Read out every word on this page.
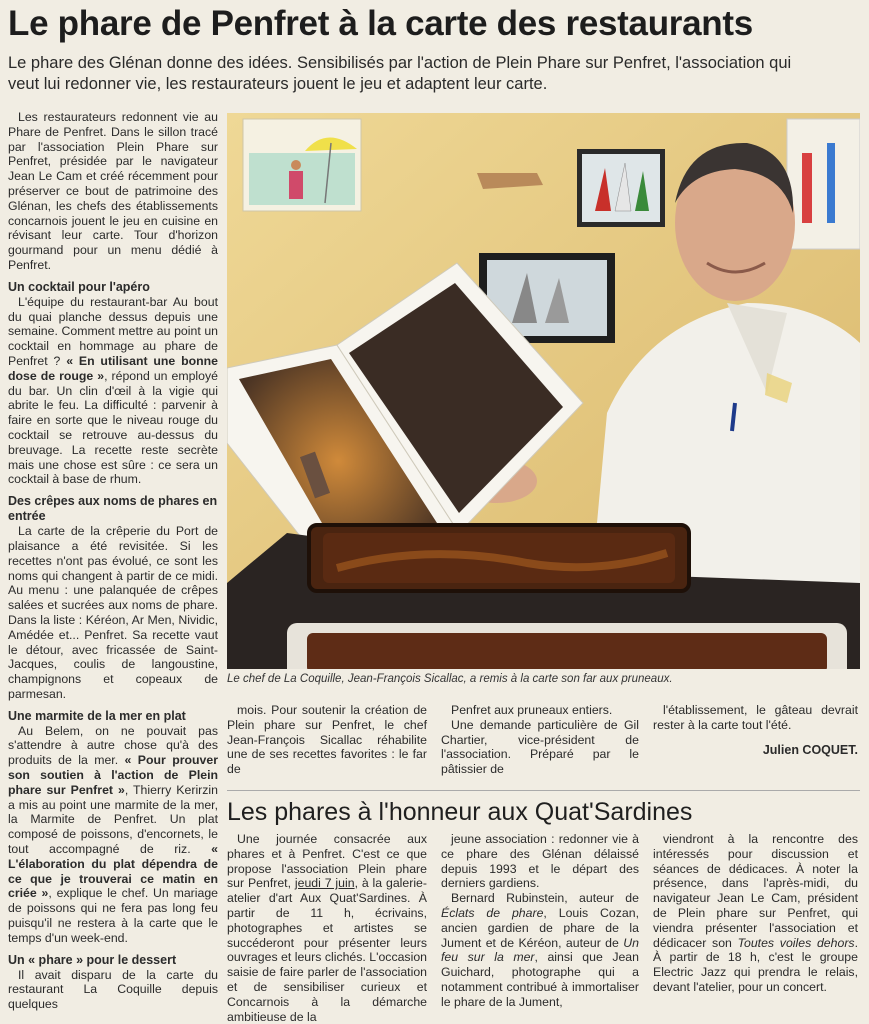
Le phare de Penfret à la carte des restaurants
Le phare des Glénan donne des idées. Sensibilisés par l'action de Plein Phare sur Penfret, l'association qui veut lui redonner vie, les restaurateurs jouent le jeu et adaptent leur carte.

Les restaurateurs redonnent vie au Phare de Penfret. Dans le sillon tracé par l'association Plein Phare sur Penfret, présidée par le navigateur Jean Le Cam et créé récemment pour préserver ce bout de patrimoine des Glénan, les chefs des établissements concarnois jouent le jeu en cuisine en révisant leur carte. Tour d'horizon gourmand pour un menu dédié à Penfret.

Un cocktail pour l'apéro

L'équipe du restaurant-bar Au bout du quai planche dessus depuis une semaine. Comment mettre au point un cocktail en hommage au phare de Penfret ? « En utilisant une bonne dose de rouge », répond un employé du bar. Un clin d'œil à la vigie qui abrite le feu. La difficulté : parvenir à faire en sorte que le niveau rouge du cocktail se retrouve au-dessus du breuvage. La recette reste secrète mais une chose est sûre : ce sera un cocktail à base de rhum.

Des crêpes aux noms de phares en entrée

La carte de la crêperie du Port de plaisance a été revisitée. Si les recettes n'ont pas évolué, ce sont les noms qui changent à partir de ce midi. Au menu : une palanquée de crêpes salées et sucrées aux noms de phare. Dans la liste : Kéréon, Ar Men, Nividic, Amédée et... Penfret. Sa recette vaut le détour, avec fricassée de Saint-Jacques, coulis de langoustine, champignons et copeaux de parmesan.

Une marmite de la mer en plat

Au Belem, on ne pouvait pas s'attendre à autre chose qu'à des produits de la mer. « Pour prouver son soutien à l'action de Plein phare sur Penfret », Thierry Kerirzin a mis au point une marmite de la mer, la Marmite de Penfret. Un plat composé de poissons, d'encornets, le tout accompagné de riz. « L'élaboration du plat dépendra de ce que je trouverai ce matin en criée », explique le chef. Un mariage de poissons qui ne fera pas long feu puisqu'il ne restera à la carte que le temps d'un week-end.

Un « phare » pour le dessert

Il avait disparu de la carte du restaurant La Coquille depuis quelques

Le chef de La Coquille, Jean-François Sicallac, a remis à la carte son far aux pruneaux.

mois. Pour soutenir la création de Plein phare sur Penfret, le chef Jean-François Sicallac réhabilite une de ses recettes favorites : le far de

Penfret aux pruneaux entiers.

Une demande particulière de Gil Chartier, vice-président de l'association. Préparé par le pâtissier de

l'établissement, le gâteau devrait rester à la carte tout l'été.

Julien COQUET.
Les phares à l'honneur aux Quat'Sardines

Une journée consacrée aux phares et à Penfret. C'est ce que propose l'association Plein phare sur Penfret, jeudi 7 juin, à la galerie-atelier d'art Aux Quat'Sardines. À partir de 11 h, écrivains, photographes et artistes se succéderont pour présenter leurs ouvrages et leurs clichés. L'occasion saisie de faire parler de l'association et de sensibiliser curieux et Concarnois à la démarche ambitieuse de la

jeune association : redonner vie à ce phare des Glénan délaissé depuis 1993 et le départ des derniers gardiens.

Bernard Rubinstein, auteur de Éclats de phare, Louis Cozan, ancien gardien de phare de la Jument et de Kéréon, auteur de Un feu sur la mer, ainsi que Jean Guichard, photographe qui a notamment contribué à immortaliser le phare de la Jument,

viendront à la rencontre des intéressés pour discussion et séances de dédicaces. À noter la présence, dans l'après-midi, du navigateur Jean Le Cam, président de Plein phare sur Penfret, qui viendra présenter l'association et dédicacer son Toutes voiles dehors. À partir de 18 h, c'est le groupe Electric Jazz qui prendra le relais, devant l'atelier, pour un concert.
